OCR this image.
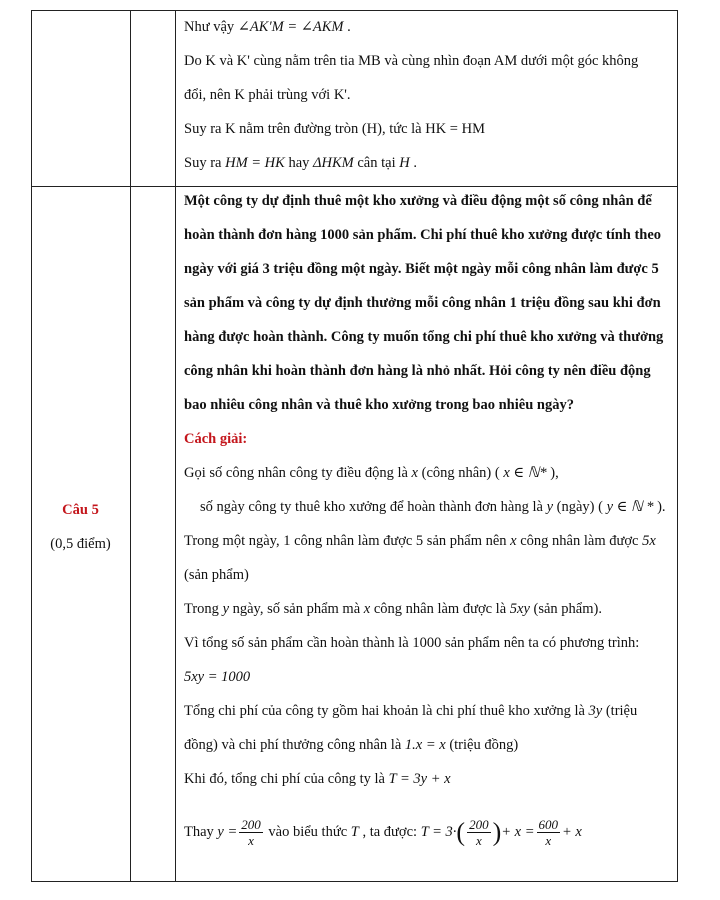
Như vậy ∠AK′M = ∠AKM .
Do K và K' cùng nằm trên tia MB và cùng nhìn đoạn AM dưới một góc không
đổi, nên K phải trùng với K'.
Suy ra K nằm trên đường tròn (H), tức là HK = HM
Suy ra HM = HK hay ΔHKM cân tại H .
Câu 5
(0,5 điểm)
Một công ty dự định thuê một kho xưởng và điều động một số công nhân để
hoàn thành đơn hàng 1000 sản phẩm. Chi phí thuê kho xưởng được tính theo
ngày với giá 3 triệu đồng một ngày. Biết một ngày mỗi công nhân làm được 5
sản phẩm và công ty dự định thưởng mỗi công nhân 1 triệu đồng sau khi đơn
hàng được hoàn thành. Công ty muốn tổng chi phí thuê kho xưởng và thưởng
công nhân khi hoàn thành đơn hàng là nhỏ nhất. Hỏi công ty nên điều động
bao nhiêu công nhân và thuê kho xưởng trong bao nhiêu ngày?
Cách giải:
Gọi số công nhân công ty điều động là x (công nhân) ( x ∈ ℕ* ),
số ngày công ty thuê kho xưởng để hoàn thành đơn hàng là y (ngày) ( y ∈ ℕ * ).
Trong một ngày, 1 công nhân làm được 5 sản phẩm nên x công nhân làm được 5x
(sản phẩm)
Trong y ngày, số sản phẩm mà x công nhân làm được là 5xy (sản phẩm).
Vì tổng số sản phẩm cần hoàn thành là 1000 sản phẩm nên ta có phương trình:
5xy = 1000
Tổng chi phí của công ty gồm hai khoản là chi phí thuê kho xưởng là 3y (triệu
đồng) và chi phí thưởng công nhân là 1.x = x (triệu đồng)
Khi đó, tổng chi phí của công ty là T = 3y + x
Thay $y = \frac{200}{x}$ vào biểu thức T , ta được: $T = 3\cdot( \frac{200}{x}$ )+ $x = \frac{600}{x} + x$
